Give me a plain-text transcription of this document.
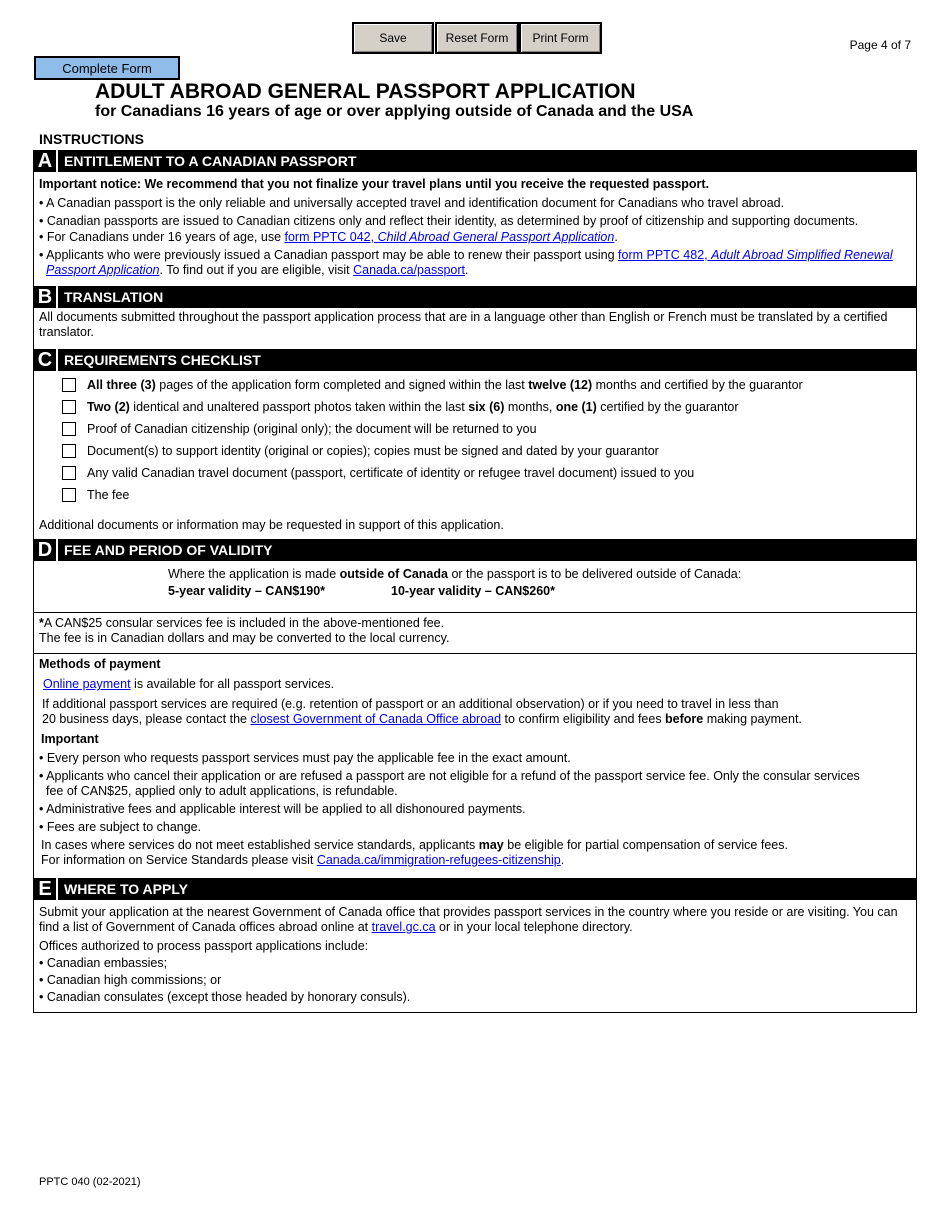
Save	Reset Form	Print Form	Page 4 of 7
Complete Form
ADULT ABROAD GENERAL PASSPORT APPLICATION
for Canadians 16 years of age or over applying outside of Canada and the USA
INSTRUCTIONS
A ENTITLEMENT TO A CANADIAN PASSPORT
Important notice: We recommend that you not finalize your travel plans until you receive the requested passport.
• A Canadian passport is the only reliable and universally accepted travel and identification document for Canadians who travel abroad.
• Canadian passports are issued to Canadian citizens only and reflect their identity, as determined by proof of citizenship and supporting documents.
• For Canadians under 16 years of age, use form PPTC 042, Child Abroad General Passport Application.
• Applicants who were previously issued a Canadian passport may be able to renew their passport using form PPTC 482, Adult Abroad Simplified Renewal Passport Application. To find out if you are eligible, visit Canada.ca/passport.
B TRANSLATION
All documents submitted throughout the passport application process that are in a language other than English or French must be translated by a certified translator.
C REQUIREMENTS CHECKLIST
All three (3) pages of the application form completed and signed within the last twelve (12) months and certified by the guarantor
Two (2) identical and unaltered passport photos taken within the last six (6) months, one (1) certified by the guarantor
Proof of Canadian citizenship (original only); the document will be returned to you
Document(s) to support identity (original or copies); copies must be signed and dated by your guarantor
Any valid Canadian travel document (passport, certificate of identity or refugee travel document) issued to you
The fee
Additional documents or information may be requested in support of this application.
D FEE AND PERIOD OF VALIDITY
Where the application is made outside of Canada or the passport is to be delivered outside of Canada:
5-year validity – CAN$190*	10-year validity – CAN$260*
*A CAN$25 consular services fee is included in the above-mentioned fee.
The fee is in Canadian dollars and may be converted to the local currency.
Methods of payment
Online payment is available for all passport services.
If additional passport services are required (e.g. retention of passport or an additional observation) or if you need to travel in less than
20 business days, please contact the closest Government of Canada Office abroad to confirm eligibility and fees before making payment.
Important
• Every person who requests passport services must pay the applicable fee in the exact amount.
• Applicants who cancel their application or are refused a passport are not eligible for a refund of the passport service fee. Only the consular services
fee of CAN$25, applied only to adult applications, is refundable.
• Administrative fees and applicable interest will be applied to all dishonoured payments.
• Fees are subject to change.
In cases where services do not meet established service standards, applicants may be eligible for partial compensation of service fees.
For information on Service Standards please visit Canada.ca/immigration-refugees-citizenship.
E WHERE TO APPLY
Submit your application at the nearest Government of Canada office that provides passport services in the country where you reside or are visiting. You can find a list of Government of Canada offices abroad online at travel.gc.ca or in your local telephone directory.
Offices authorized to process passport applications include:
• Canadian embassies;
• Canadian high commissions; or
• Canadian consulates (except those headed by honorary consuls).
PPTC 040 (02-2021)
